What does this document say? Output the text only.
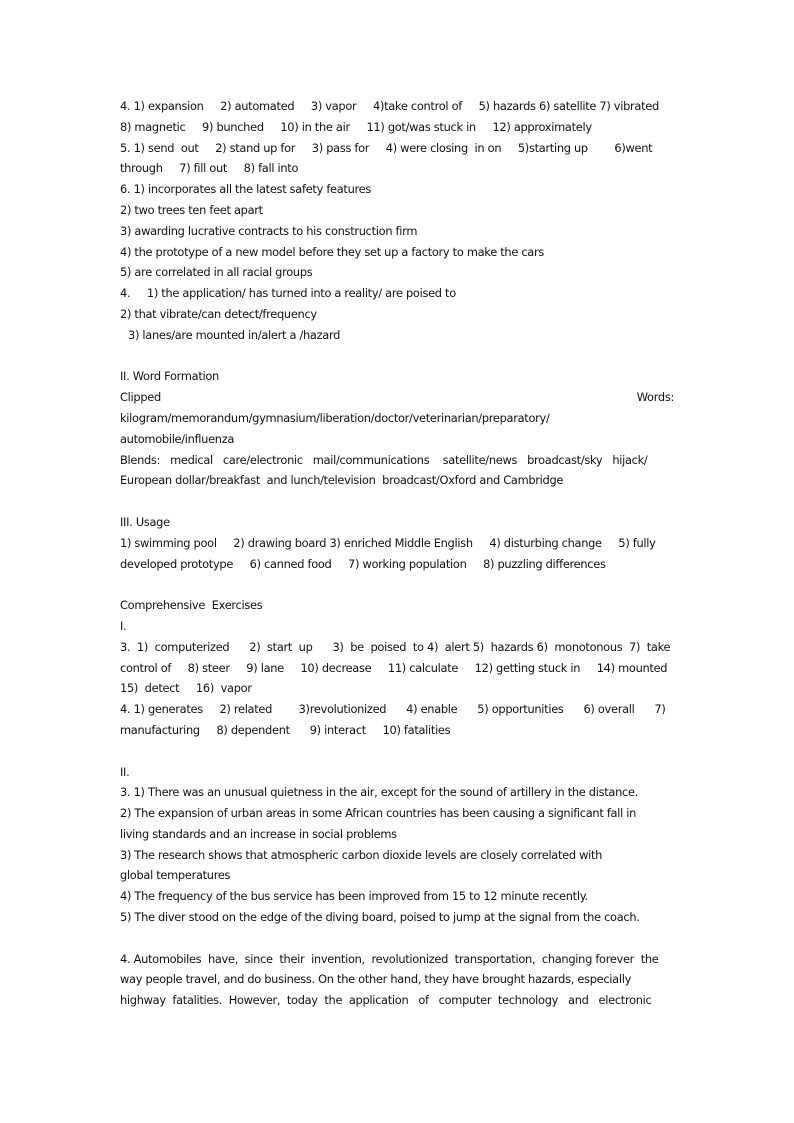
4. 1) expansion     2) automated     3) vapor     4)take control of     5) hazards 6) satellite 7) vibrated
8) magnetic     9) bunched     10) in the air     11) got/was stuck in     12) approximately
5. 1) send  out     2) stand up for     3) pass for     4) were closing  in on     5)starting up        6)went
through     7) fill out     8) fall into
6. 1) incorporates all the latest safety features
2) two trees ten feet apart
3) awarding lucrative contracts to his construction firm
4) the prototype of a new model before they set up a factory to make the cars
5) are correlated in all racial groups
4.     1) the application/ has turned into a reality/ are poised to
2) that vibrate/can detect/frequency
3) lanes/are mounted in/alert a /hazard
II. Word Formation
Clipped	Words:
kilogram/memorandum/gymnasium/liberation/doctor/veterinarian/preparatory/
automobile/influenza
Blends:   medical   care/electronic   mail/communications    satellite/news   broadcast/sky   hijack/
European dollar/breakfast  and lunch/television  broadcast/Oxford and Cambridge
III. Usage
1) swimming pool     2) drawing board 3) enriched Middle English     4) disturbing change     5) fully
developed prototype     6) canned food     7) working population     8) puzzling differences
Comprehensive  Exercises
I.
3.  1)  computerized      2)  start  up      3)  be  poised  to 4)  alert 5)  hazards 6)  monotonous  7)  take
control of     8) steer     9) lane     10) decrease     11) calculate     12) getting stuck in     14) mounted
15)  detect     16)  vapor
4. 1) generates     2) related        3)revolutionized      4) enable      5) opportunities      6) overall      7)
manufacturing     8) dependent      9) interact     10) fatalities
II.
3. 1) There was an unusual quietness in the air, except for the sound of artillery in the distance.
2) The expansion of urban areas in some African countries has been causing a significant fall in
living standards and an increase in social problems
3) The research shows that atmospheric carbon dioxide levels are closely correlated with
global temperatures
4) The frequency of the bus service has been improved from 15 to 12 minute recently.
5) The diver stood on the edge of the diving board, poised to jump at the signal from the coach.
4. Automobiles  have,  since  their  invention,  revolutionized  transportation,  changing forever  the
way people travel, and do business. On the other hand, they have brought hazards, especially
highway  fatalities.  However,  today  the  application   of   computer  technology   and   electronic
